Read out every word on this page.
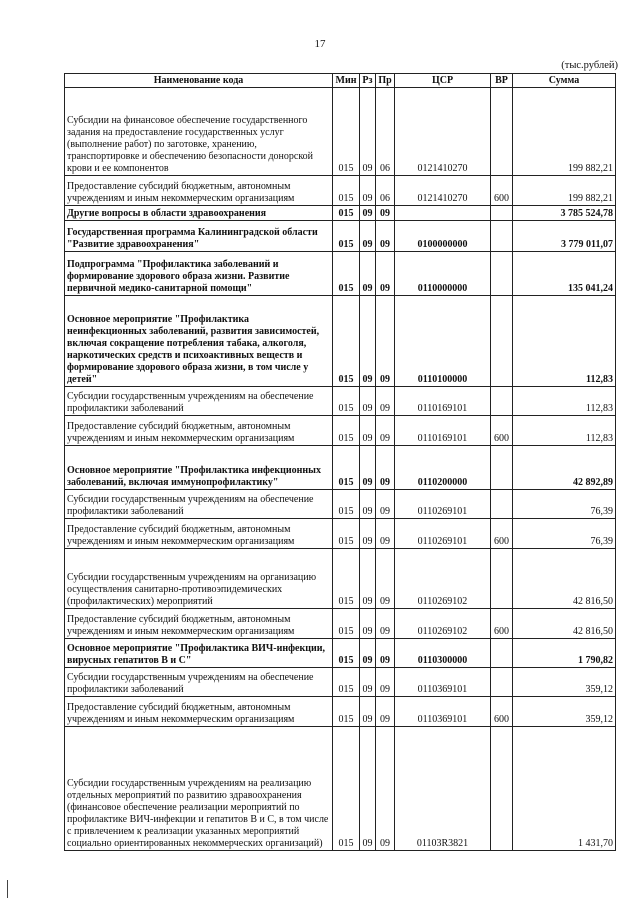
17
(тыс.рублей)
Наименование кода	Мин	Рз	Пр	ЦСР	ВР	Сумма
Субсидии на финансовое обеспечение государственного задания на предоставление государственных услуг (выполнение работ) по заготовке, хранению, транспортировке и обеспечению безопасности донорской крови и ее компонентов	015	09	06	0121410270		199 882,21
Предоставление субсидий бюджетным, автономным учреждениям и иным некоммерческим организациям	015	09	06	0121410270	600	199 882,21
Другие вопросы в области здравоохранения	015	09	09			3 785 524,78
Государственная программа Калининградской области "Развитие здравоохранения"	015	09	09	0100000000		3 779 011,07
Подпрограмма "Профилактика заболеваний и формирование здорового образа жизни. Развитие первичной медико-санитарной помощи"	015	09	09	0110000000		135 041,24
Основное мероприятие "Профилактика неинфекционных заболеваний, развития зависимостей, включая сокращение потребления табака, алкоголя, наркотических средств и психоактивных веществ и формирование здорового образа жизни, в том числе у детей"	015	09	09	0110100000		112,83
Субсидии государственным учреждениям на обеспечение профилактики заболеваний	015	09	09	0110169101		112,83
Предоставление субсидий бюджетным, автономным учреждениям и иным некоммерческим организациям	015	09	09	0110169101	600	112,83
Основное мероприятие "Профилактика инфекционных заболеваний, включая иммунопрофилактику"	015	09	09	0110200000		42 892,89
Субсидии государственным учреждениям на обеспечение профилактики заболеваний	015	09	09	0110269101		76,39
Предоставление субсидий бюджетным, автономным учреждениям и иным некоммерческим организациям	015	09	09	0110269101	600	76,39
Субсидии государственным учреждениям на организацию осуществления санитарно-противоэпидемических (профилактических) мероприятий	015	09	09	0110269102		42 816,50
Предоставление субсидий бюджетным, автономным учреждениям и иным некоммерческим организациям	015	09	09	0110269102	600	42 816,50
Основное мероприятие "Профилактика ВИЧ-инфекции, вирусных гепатитов В и С"	015	09	09	0110300000		1 790,82
Субсидии государственным учреждениям на обеспечение профилактики заболеваний	015	09	09	0110369101		359,12
Предоставление субсидий бюджетным, автономным учреждениям и иным некоммерческим организациям	015	09	09	0110369101	600	359,12
Субсидии государственным учреждениям на реализацию отдельных мероприятий по развитию здравоохранения (финансовое обеспечение реализации мероприятий по профилактике ВИЧ-инфекции и гепатитов В и С, в том числе с привлечением к реализации указанных мероприятий социально ориентированных некоммерческих организаций)	015	09	09	01103R3821		1 431,70
